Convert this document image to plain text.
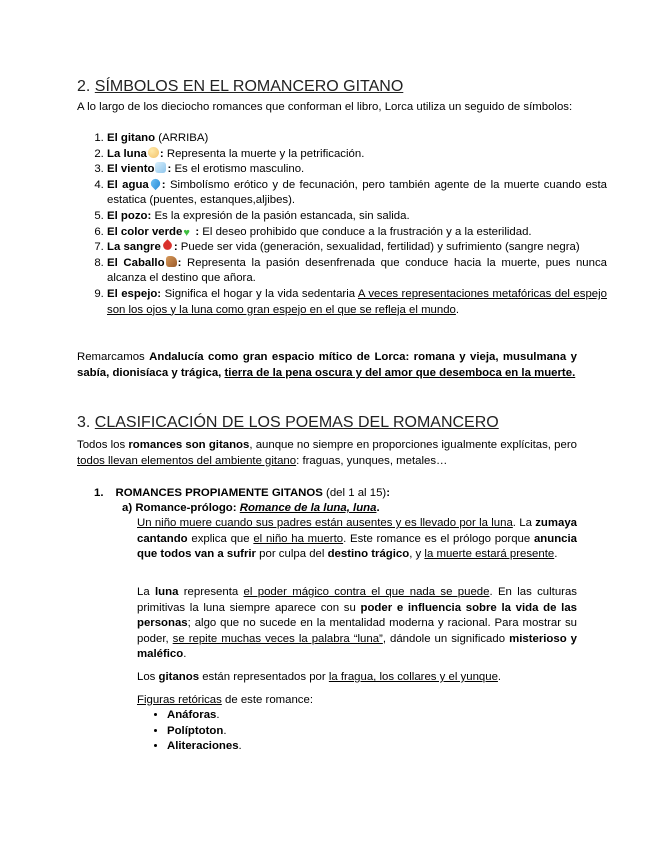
2. SÍMBOLOS EN EL ROMANCERO GITANO

A lo largo de los dieciocho romances que conforman el libro, Lorca utiliza un seguido de símbolos:

1. El gitano (ARRIBA)
2. La luna : Representa la muerte y la petrificación.
3. El viento : Es el erotismo masculino.
4. El agua : Simbolísmo erótico y de fecunación, pero también agente de la muerte cuando esta estatica (puentes, estanques,aljibes).
5. El pozo: Es la expresión de la pasión estancada, sin salida.
6. El color verde♥ : El deseo prohibido que conduce a la frustración y a la esterilidad.
7. La sangre : Puede ser vida (generación, sexualidad, fertilidad) y sufrimiento (sangre negra)
8. El Caballo : Representa la pasión desenfrenada que conduce hacia la muerte, pues nunca alcanza el destino que añora.
9. El espejo: Significa el hogar y la vida sedentaria A veces representaciones metafóricas del espejo son los ojos y la luna como gran espejo en el que se refleja el mundo.

Remarcamos Andalucía como gran espacio mítico de Lorca: romana y vieja, musulmana y sabía, dionisíaca y trágica, tierra de la pena oscura y del amor que desemboca en la muerte.

3. CLASIFICACIÓN DE LOS POEMAS DEL ROMANCERO

Todos los romances son gitanos, aunque no siempre en proporciones igualmente explícitas, pero todos llevan elementos del ambiente gitano: fraguas, yunques, metales…

1. ROMANCES PROPIAMENTE GITANOS (del 1 al 15):
a) Romance-prólogo: Romance de la luna, luna.

Un niño muere cuando sus padres están ausentes y es llevado por la luna. La zumaya cantando explica que el niño ha muerto. Este romance es el prólogo porque anuncia que todos van a sufrir por culpa del destino trágico, y la muerte estará presente.

La luna representa el poder mágico contra el que nada se puede. En las culturas primitivas la luna siempre aparece con su poder e influencia sobre la vida de las personas; algo que no sucede en la mentalidad moderna y racional. Para mostrar su poder, se repite muchas veces la palabra “luna”, dándole un significado misterioso y maléfico.

Los gitanos están representados por la fragua, los collares y el yunque.

Figuras retóricas de este romance:

• Anáforas.
• Políptoton.
• Aliteraciones.
